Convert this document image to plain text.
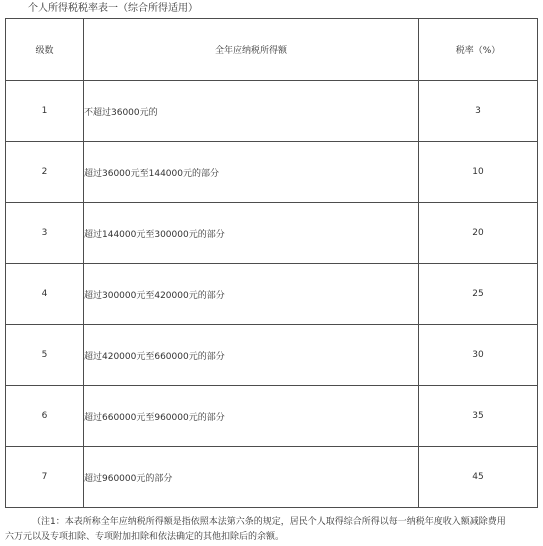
个人所得税税率表一（综合所得适用）
级数	全年应纳税所得额	税率（%）
1	不超过36000元的	3
2	超过36000元至144000元的部分	10
3	超过144000元至300000元的部分	20
4	超过300000元至420000元的部分	25
5	超过420000元至660000元的部分	30
6	超过660000元至960000元的部分	35
7	超过960000元的部分	45

（注1：本表所称全年应纳税所得额是指依照本法第六条的规定，居民个人取得综合所得以每一纳税年度收入额减除费用

六万元以及专项扣除、专项附加扣除和依法确定的其他扣除后的余额。
